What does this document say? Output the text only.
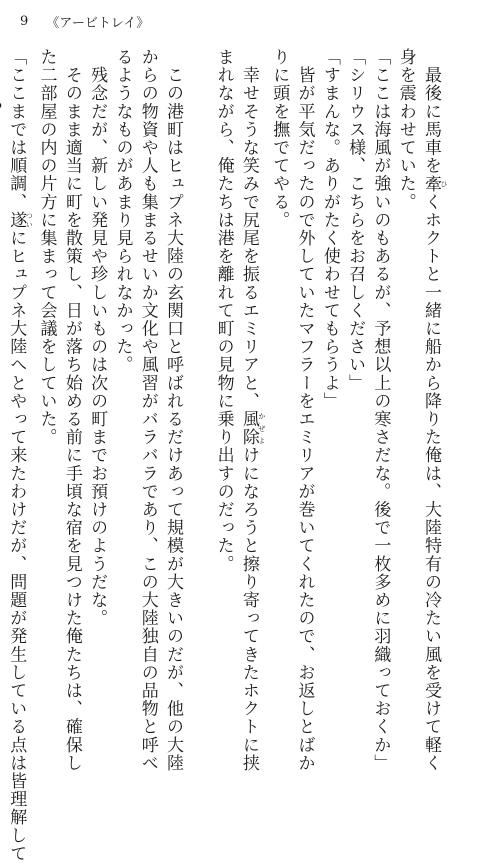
9 《アービトレイ》

　最後に馬車を牽 ひくホクトと一緒に船から降りた俺は、大陸特有の冷たい風を受けて軽く

身を震わせていた。

「ここは海風が強いのもあるが、予想以上の寒さだな。後で一枚多めに羽織っておくか」

「シリウス様、こちらをお召しください」

「すまんな。ありがたく使わせてもらうよ」

　皆が平気だったので外していたマフラーをエミリアが巻いてくれたので、お返しとばか

りに頭を撫でてやる。

　幸せそうな笑みで尻尾を振るエミリアと、風除 かぜよけになろうと擦り寄ってきたホクトに挟

まれながら、俺たちは港を離れて町の見物に乗り出すのだった。

　この港町はヒュプネ大陸の玄関口と呼ばれるだけあって規模が大きいのだが、他の大陸

からの物資や人も集まるせいか文化や風習がバラバラであり、この大陸独自の品物と呼べ

るようなものがあまり見られなかった。

　残念だが、新しい発見や珍しいものは次の町までお預けのようだな。

　そのまま適当に町を散策し、日が落ち始める前に手頃な宿を見つけた俺たちは、確保し

た二部屋の内の片方に集まって会議をしていた。

「ここまでは順調、遂 ついにヒュプネ大陸へとやって来たわけだが、問題が発生している点は皆理解して
